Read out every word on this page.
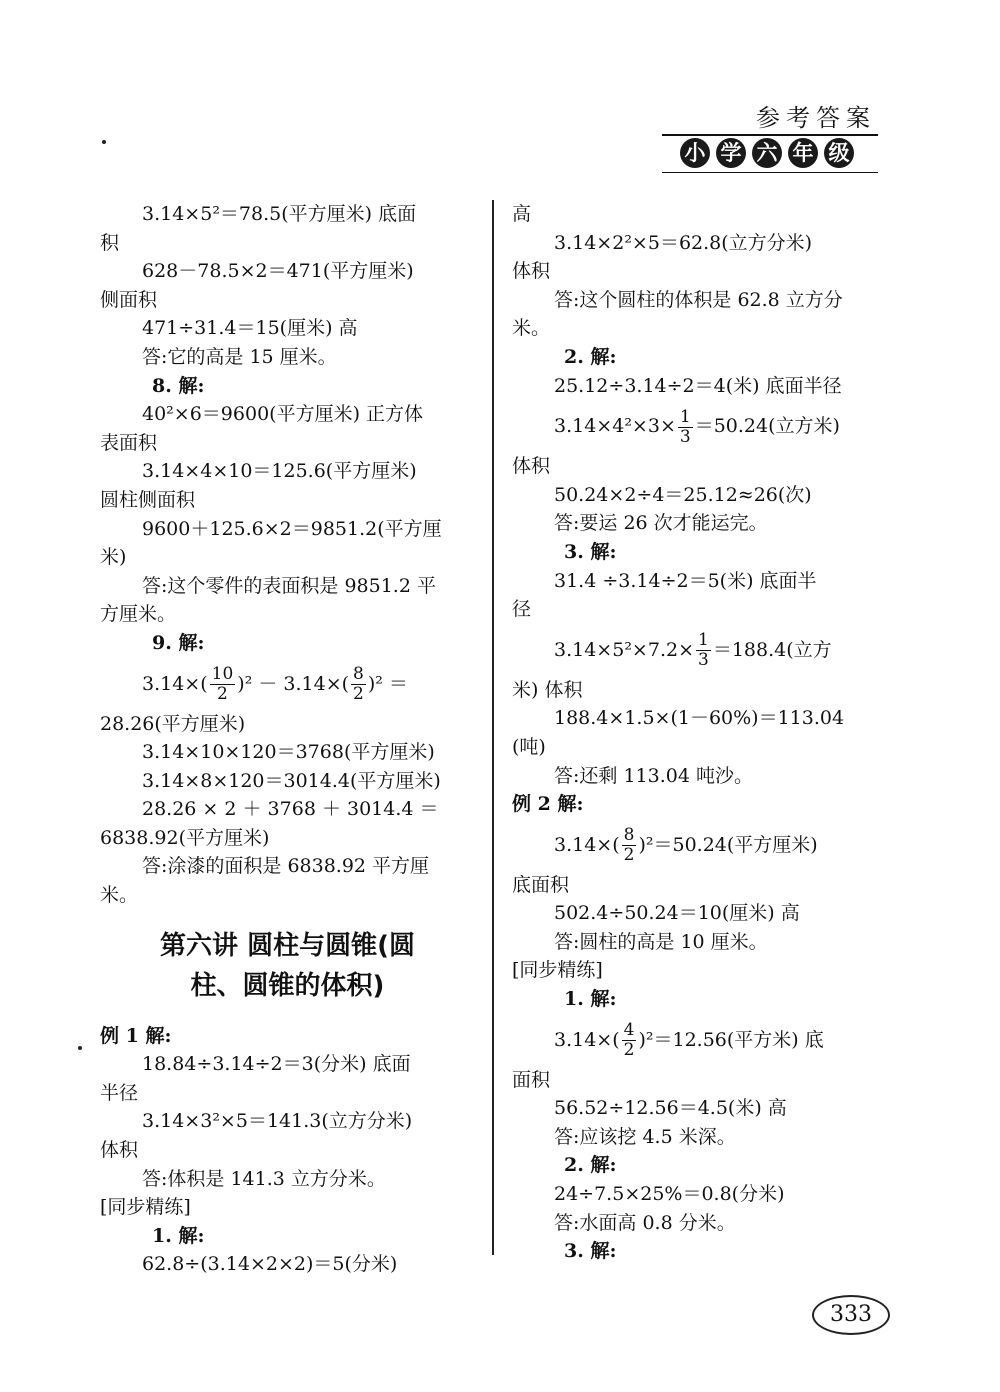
参考答案
小 学 六 年 级
3.14×5²＝78.5(平方厘米) 底面
积
628－78.5×2＝471(平方厘米)
侧面积
471÷31.4＝15(厘米) 高
答:它的高是 15 厘米。
8. 解:
40²×6＝9600(平方厘米) 正方体
表面积
3.14×4×10＝125.6(平方厘米)
圆柱侧面积
9600＋125.6×2＝9851.2(平方厘
米)
答:这个零件的表面积是 9851.2 平
方厘米。
9. 解:
$3.14\times( \frac{10}{2} )^2 - 3.14\times( \frac{8}{2} )^2$ ＝
28.26(平方厘米)
3.14×10×120＝3768(平方厘米)
3.14×8×120＝3014.4(平方厘米)
28.26 × 2 ＋ 3768 ＋ 3014.4 ＝
6838.92(平方厘米)
答:涂漆的面积是 6838.92 平方厘
米。
第六讲 圆柱与圆锥(圆
柱、圆锥的体积)
例 1 解:
18.84÷3.14÷2＝3(分米) 底面
半径
3.14×3²×5＝141.3(立方分米)
体积
答:体积是 141.3 立方分米。
[同步精练]
1. 解:
62.8÷(3.14×2×2)＝5(分米)
高
3.14×2²×5＝62.8(立方分米)
体积
答:这个圆柱的体积是 62.8 立方分
米。
2. 解:
25.12÷3.14÷2＝4(米) 底面半径
$3.14\times 4^2\times 3\times \frac{1}{3} =50.24$(立方米)
体积
50.24×2÷4＝25.12≈26(次)
答:要运 26 次才能运完。
3. 解:
31.4 ÷3.14÷2＝5(米) 底面半
径
$3.14\times 5^2\times 7.2\times \frac{1}{3} =188.4$(立方
米) 体积
188.4×1.5×(1－60%)＝113.04
(吨)
答:还剩 113.04 吨沙。
例 2 解:
$3.14\times( \frac{8}{2} )^2=50.24$(平方厘米)
底面积
502.4÷50.24＝10(厘米) 高
答:圆柱的高是 10 厘米。
[同步精练]
1. 解:
$3.14\times( \frac{4}{2} )^2=12.56$(平方米) 底
面积
56.52÷12.56＝4.5(米) 高
答:应该挖 4.5 米深。
2. 解:
24÷7.5×25%＝0.8(分米)
答:水面高 0.8 分米。
3. 解:
333
